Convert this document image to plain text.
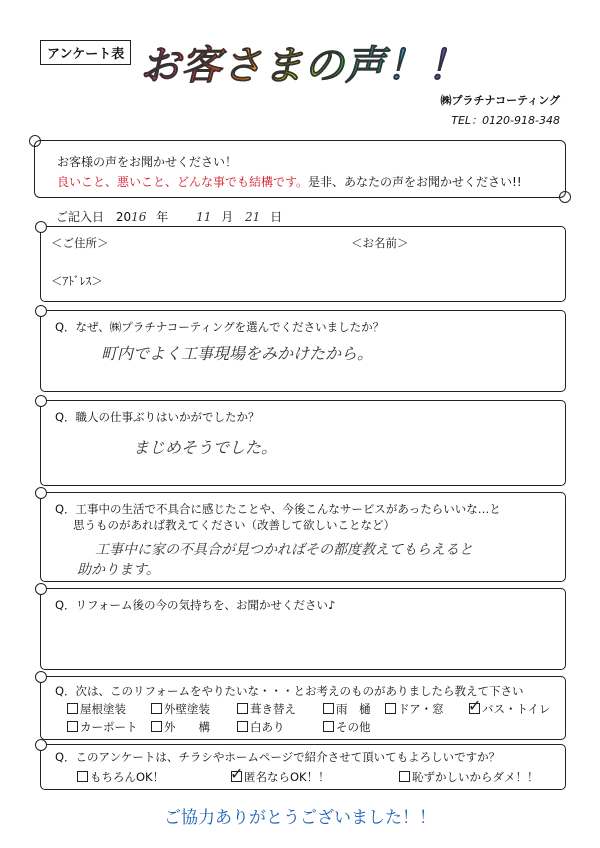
アンケート表 お客さまの声！！
㈱プラチナコーティング
TEL：0120-918-348
お客様の声をお聞かせください！
良いこと、悪いこと、どんな事でも結構です。是非、あなたの声をお聞かせください!!
ご記入日 2016 年 11 月 21 日
＜ご住所＞	＜お名前＞
＜ｱﾄﾞﾚｽ＞
Q．なぜ、㈱プラチナコーティングを選んでくださいましたか？
町内でよく工事現場をみかけたから。
Q．職人の仕事ぶりはいかがでしたか？
まじめそうでした。
Q．工事中の生活で不具合に感じたことや、今後こんなサービスがあったらいいな…と
思うものがあれば教えてください（改善して欲しいことなど）
工事中に家の不具合が見つかればその都度教えてもらえると
助かります。
Q．リフォーム後の今の気持ちを、お聞かせください♪
Q．次は、このリフォームをやりたいな・・・とお考えのものがありましたら教えて下さい
屋根塗装	外壁塗装	葺き替え	雨　樋	ドア・窓 ✓	バス・トイレ
カーポート	外　　構	白あり	その他
Q．このアンケートは、チラシやホームページで紹介させて頂いてもよろしいですか？
もちろんOK！ ✓	匿名ならOK！！	恥ずかしいからダメ！！
ご協力ありがとうございました！！
